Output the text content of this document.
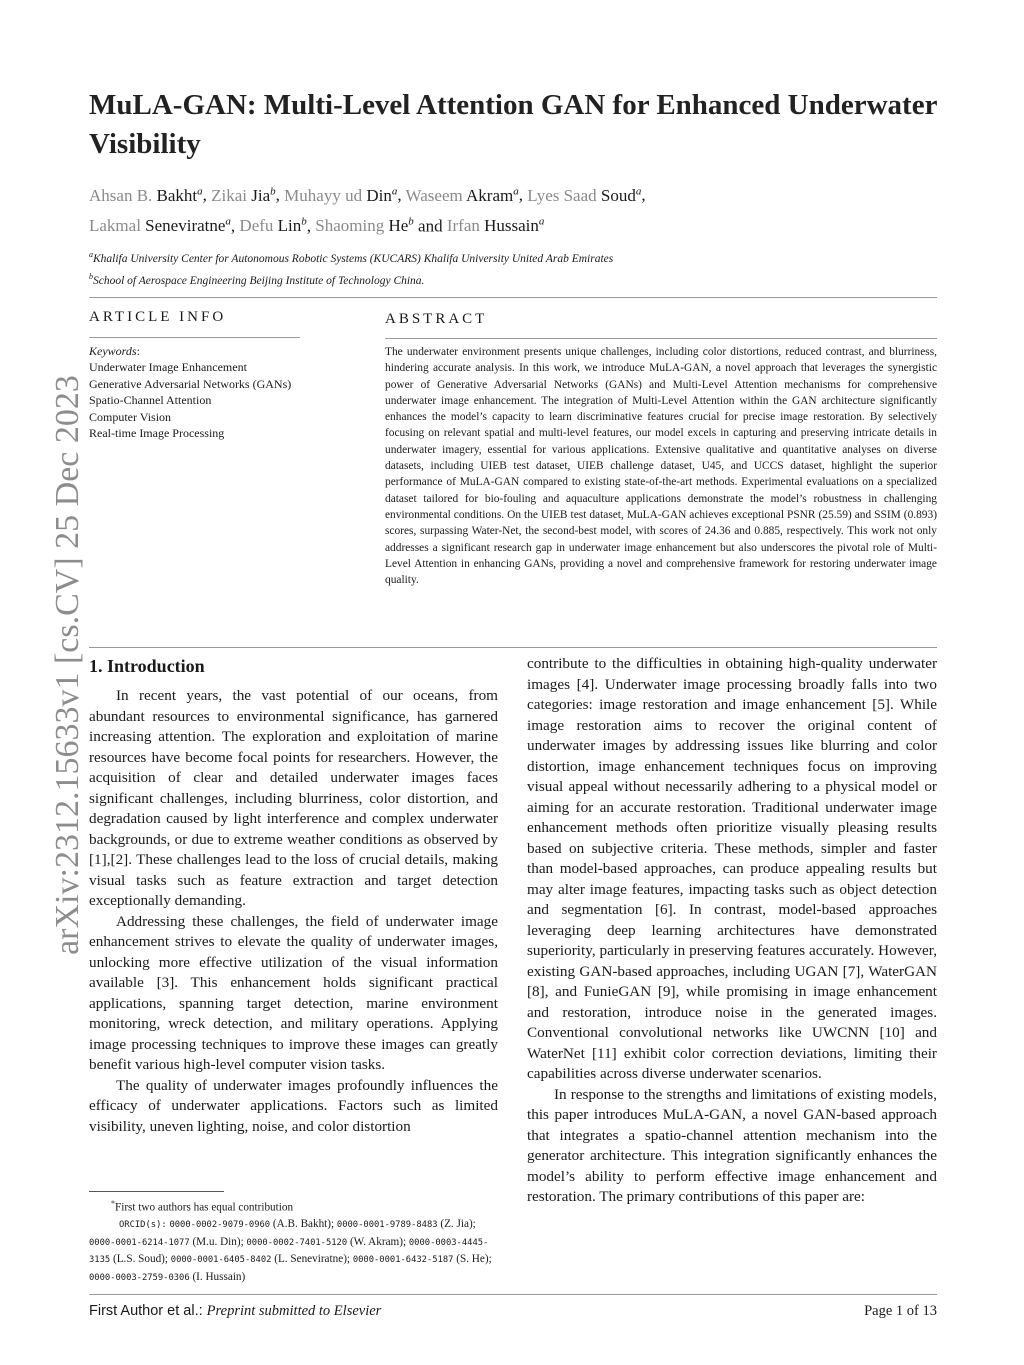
arXiv:2312.15633v1 [cs.CV] 25 Dec 2023
MuLA-GAN: Multi-Level Attention GAN for Enhanced Underwater Visibility
Ahsan B. Bakht$^a$, Zikai Jia$^b$, Muhayy ud Din$^a$, Waseem Akram$^a$, Lyes Saad Soud$^a$,
Lakmal Seneviratne$^a$, Defu Lin$^b$, Shaoming He$^b$ and Irfan Hussain$^a$
$^a$Khalifa University Center for Autonomous Robotic Systems (KUCARS) Khalifa University United Arab Emirates
$^b$School of Aerospace Engineering Beijing Institute of Technology China.
ARTICLE INFO	ABSTRACT
Keywords:
Underwater Image Enhancement
Generative Adversarial Networks (GANs)
Spatio-Channel Attention
Computer Vision
Real-time Image Processing
The underwater environment presents unique challenges, including color distortions, reduced contrast, and blurriness, hindering accurate analysis. In this work, we introduce MuLA-GAN, a novel approach that leverages the synergistic power of Generative Adversarial Networks (GANs) and Multi-Level Attention mechanisms for comprehensive underwater image enhancement. The integration of Multi-Level Attention within the GAN architecture significantly enhances the model’s capacity to learn discriminative features crucial for precise image restoration. By selectively focusing on relevant spatial and multi-level features, our model excels in capturing and preserving intricate details in underwater imagery, essential for various applications. Extensive qualitative and quantitative analyses on diverse datasets, including UIEB test dataset, UIEB challenge dataset, U45, and UCCS dataset, highlight the superior performance of MuLA-GAN compared to existing state-of-the-art methods. Experimental evaluations on a specialized dataset tailored for bio-fouling and aquaculture applications demonstrate the model’s robustness in challenging environmental conditions. On the UIEB test dataset, MuLA-GAN achieves exceptional PSNR (25.59) and SSIM (0.893) scores, surpassing Water-Net, the second-best model, with scores of 24.36 and 0.885, respectively. This work not only addresses a significant research gap in underwater image enhancement but also underscores the pivotal role of Multi-Level Attention in enhancing GANs, providing a novel and comprehensive framework for restoring underwater image quality.
1. Introduction

In recent years, the vast potential of our oceans, from abundant resources to environmental significance, has garnered increasing attention. The exploration and exploitation of marine resources have become focal points for researchers. However, the acquisition of clear and detailed underwater images faces significant challenges, including blurriness, color distortion, and degradation caused by light interference and complex underwater backgrounds, or due to extreme weather conditions as observed by [1],[2]. These challenges lead to the loss of crucial details, making visual tasks such as feature extraction and target detection exceptionally demanding.

Addressing these challenges, the field of underwater image enhancement strives to elevate the quality of underwater images, unlocking more effective utilization of the visual information available [3]. This enhancement holds significant practical applications, spanning target detection, marine environment monitoring, wreck detection, and military operations. Applying image processing techniques to improve these images can greatly benefit various high-level computer vision tasks.

The quality of underwater images profoundly influences the efficacy of underwater applications. Factors such as limited visibility, uneven lighting, noise, and color distortion

contribute to the difficulties in obtaining high-quality underwater images [4]. Underwater image processing broadly falls into two categories: image restoration and image enhancement [5]. While image restoration aims to recover the original content of underwater images by addressing issues like blurring and color distortion, image enhancement techniques focus on improving visual appeal without necessarily adhering to a physical model or aiming for an accurate restoration. Traditional underwater image enhancement methods often prioritize visually pleasing results based on subjective criteria. These methods, simpler and faster than model-based approaches, can produce appealing results but may alter image features, impacting tasks such as object detection and segmentation [6]. In contrast, model-based approaches leveraging deep learning architectures have demonstrated superiority, particularly in preserving features accurately. However, existing GAN-based approaches, including UGAN [7], WaterGAN [8], and FunieGAN [9], while promising in image enhancement and restoration, introduce noise in the generated images. Conventional convolutional networks like UWCNN [10] and WaterNet [11] exhibit color correction deviations, limiting their capabilities across diverse underwater scenarios.

In response to the strengths and limitations of existing models, this paper introduces MuLA-GAN, a novel GAN-based approach that integrates a spatio-channel attention mechanism into the generator architecture. This integration significantly enhances the model’s ability to perform effective image enhancement and restoration. The primary contributions of this paper are:

*First two authors has equal contribution
ORCID(s): 0000-0002-9079-0960 (A.B. Bakht); 0000-0001-9789-8483 (Z. Jia); 0000-0001-6214-1077 (M.u. Din); 0000-0002-7401-5120 (W. Akram); 0000-0003-4445-3135 (L.S. Soud); 0000-0001-6405-8402 (L. Seneviratne); 0000-0001-6432-5187 (S. He); 0000-0003-2759-0306 (I. Hussain)
First Author et al.: Preprint submitted to Elsevier	Page 1 of 13
